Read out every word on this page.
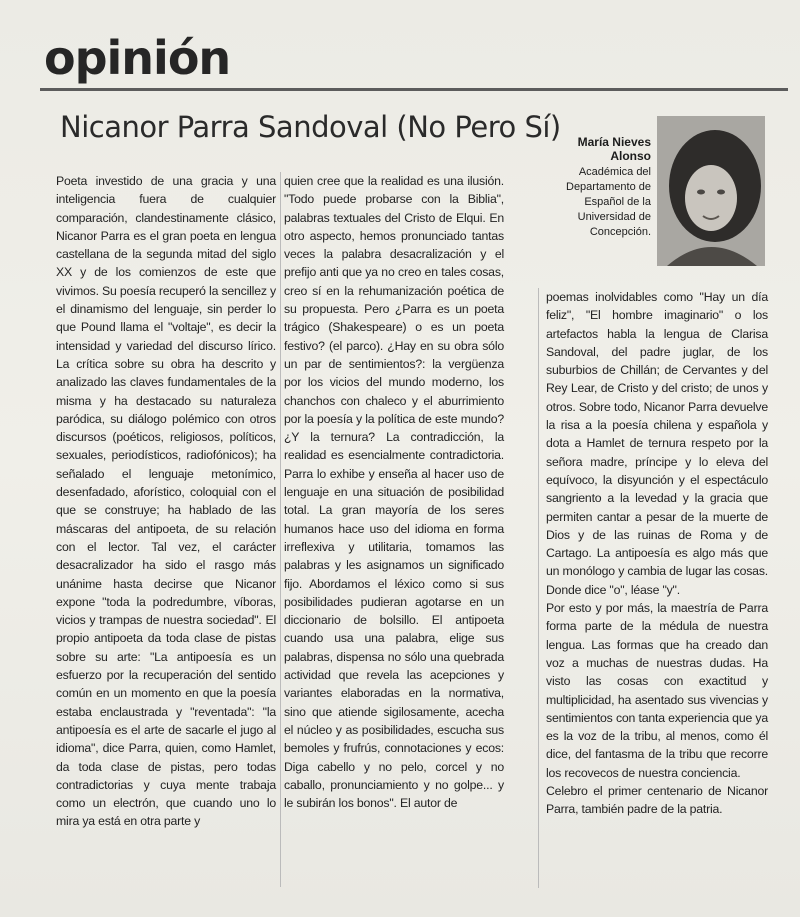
opinión
Nicanor Parra Sandoval (No Pero Sí)	María Nieves
Alonso
Académica del
Departamento de
Español de la
Universidad de
Concepción.

Poeta investido de una gracia y una inteligencia fuera de cualquier comparación, clandestinamente clásico, Nicanor Parra es el gran poeta en lengua castellana de la segunda mitad del siglo XX y de los comienzos de este que vivimos. Su poesía recuperó la sencillez y el dinamismo del lenguaje, sin perder lo que Pound llama el "voltaje", es decir la intensidad y variedad del discurso lírico. La crítica sobre su obra ha descrito y analizado las claves fundamentales de la misma y ha destacado su naturaleza paródica, su diálogo polémico con otros discursos (poéticos, religiosos, políticos, sexuales, periodísticos, radiofónicos); ha señalado el lenguaje metonímico, desenfadado, aforístico, coloquial con el que se construye; ha hablado de las máscaras del antipoeta, de su relación con el lector. Tal vez, el carácter desacralizador ha sido el rasgo más unánime hasta decirse que Nicanor expone "toda la podredumbre, víboras, vicios y trampas de nuestra sociedad". El propio antipoeta da toda clase de pistas sobre su arte: "La antipoesía es un esfuerzo por la recuperación del sentido común en un momento en que la poesía estaba enclaustrada y "reventada": "la antipoesía es el arte de sacarle el jugo al idioma", dice Parra, quien, como Hamlet, da toda clase de pistas, pero todas contradictorias y cuya mente trabaja como un electrón, que cuando uno lo mira ya está en otra parte y

quien cree que la realidad es una ilusión. "Todo puede probarse con la Biblia", palabras textuales del Cristo de Elqui. En otro aspecto, hemos pronunciado tantas veces la palabra desacralización y el prefijo anti que ya no creo en tales cosas, creo sí en la rehumanización poética de su propuesta. Pero ¿Parra es un poeta trágico (Shakespeare) o es un poeta festivo? (el parco). ¿Hay en su obra sólo un par de sentimientos?: la vergüenza por los vicios del mundo moderno, los chanchos con chaleco y el aburrimiento por la poesía y la política de este mundo? ¿Y la ternura? La contradicción, la realidad es esencialmente contradictoria. Parra lo exhibe y enseña al hacer uso de lenguaje en una situación de posibilidad total. La gran mayoría de los seres humanos hace uso del idioma en forma irreflexiva y utilitaria, tomamos las palabras y les asignamos un significado fijo. Abordamos el léxico como si sus posibilidades pudieran agotarse en un diccionario de bolsillo. El antipoeta cuando usa una palabra, elige sus palabras, dispensa no sólo una quebrada actividad que revela las acepciones y variantes elaboradas en la normativa, sino que atiende sigilosamente, acecha el núcleo y as posibilidades, escucha sus bemoles y frufrús, connotaciones y ecos: Diga cabello y no pelo, corcel y no caballo, pronunciamiento y no golpe... y le subirán los bonos". El autor de

poemas inolvidables como "Hay un día feliz", "El hombre imaginario" o los artefactos habla la lengua de Clarisa Sandoval, del padre juglar, de los suburbios de Chillán; de Cervantes y del Rey Lear, de Cristo y del cristo; de unos y otros. Sobre todo, Nicanor Parra devuelve la risa a la poesía chilena y española y dota a Hamlet de ternura respeto por la señora madre, príncipe y lo eleva del equívoco, la disyunción y el espectáculo sangriento a la levedad y la gracia que permiten cantar a pesar de la muerte de Dios y de las ruinas de Roma y de Cartago. La antipoesía es algo más que un monólogo y cambia de lugar las cosas. Donde dice "o", léase "y".

Por esto y por más, la maestría de Parra forma parte de la médula de nuestra lengua. Las formas que ha creado dan voz a muchas de nuestras dudas. Ha visto las cosas con exactitud y multiplicidad, ha asentado sus vivencias y sentimientos con tanta experiencia que ya es la voz de la tribu, al menos, como él dice, del fantasma de la tribu que recorre los recovecos de nuestra conciencia.

Celebro el primer centenario de Nicanor Parra, también padre de la patria.
